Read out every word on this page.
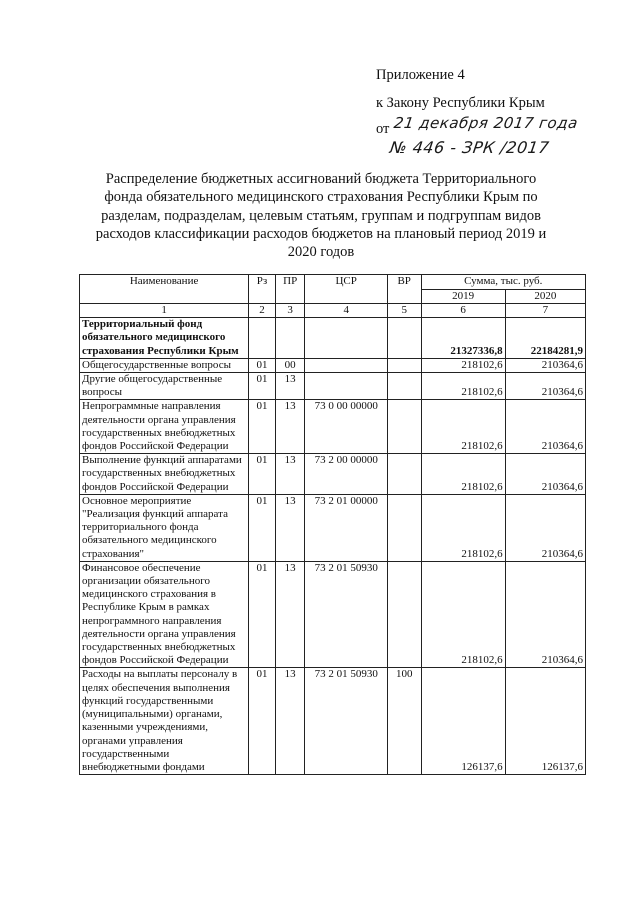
Приложение 4
к Закону Республики Крым
от 21 декабря 2017 года
№ 446 - ЗРК /2017
Распределение бюджетных ассигнований бюджета Территориального фонда обязательного медицинского страхования Республики Крым по разделам, подразделам, целевым статьям, группам и подгруппам видов расходов классификации расходов бюджетов на плановый период 2019 и 2020 годов
Наименование	Рз	ПР	ЦСР	ВР	Сумма, тыс. руб.	
					2019	2020
1	2	3	4	5	6	7
Территориальный фонд обязательного медицинского страхования Республики Крым					21327336,8	22184281,9
Общегосударственные вопросы	01	00			218102,6	210364,6
Другие общегосударственные вопросы	01	13			218102,6	210364,6
Непрограммные направления деятельности органа управления государственных внебюджетных фондов Российской Федерации	01	13	73 0 00 00000		218102,6	210364,6
Выполнение функций аппаратами государственных внебюджетных фондов Российской Федерации	01	13	73 2 00 00000		218102,6	210364,6
Основное мероприятие "Реализация функций аппарата территориального фонда обязательного медицинского страхования"	01	13	73 2 01 00000		218102,6	210364,6
Финансовое обеспечение организации обязательного медицинского страхования в Республике Крым в рамках непрограммного направления деятельности органа управления государственных внебюджетных фондов Российской Федерации	01	13	73 2 01 50930		218102,6	210364,6
Расходы на выплаты персоналу в целях обеспечения выполнения функций государственными (муниципальными) органами, казенными учреждениями, органами управления государственными внебюджетными фондами	01	13	73 2 01 50930	100	126137,6	126137,6
